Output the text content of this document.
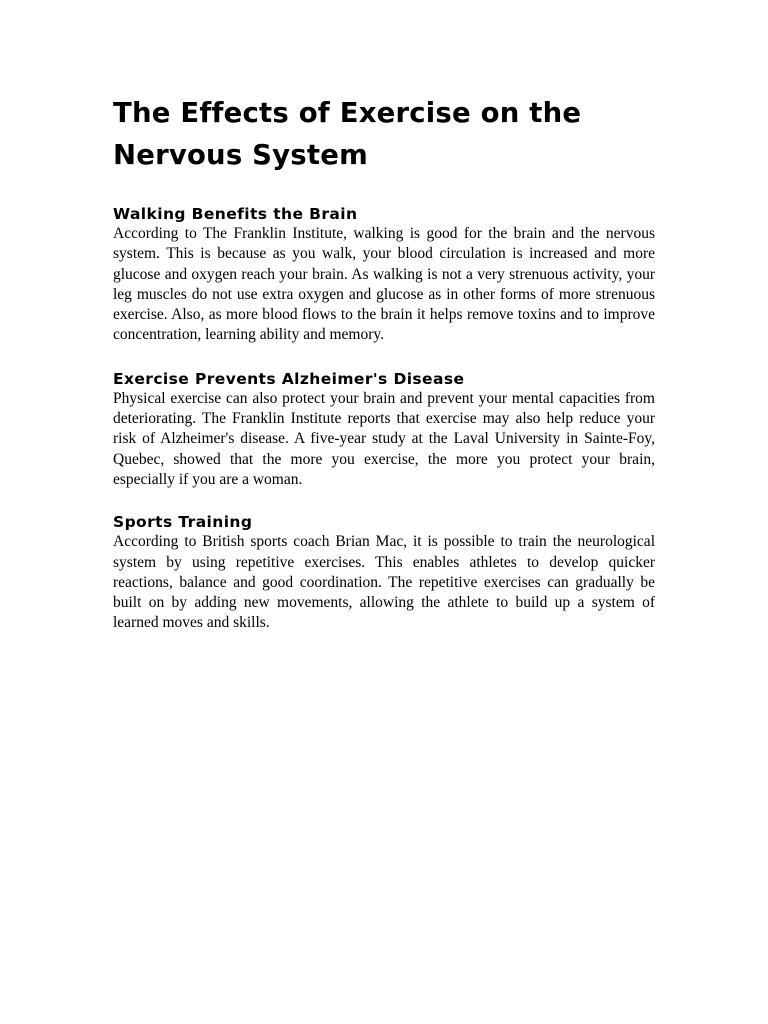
The Effects of Exercise on the Nervous System
Walking Benefits the Brain

According to The Franklin Institute, walking is good for the brain and the nervous system. This is because as you walk, your blood circulation is increased and more glucose and oxygen reach your brain. As walking is not a very strenuous activity, your leg muscles do not use extra oxygen and glucose as in other forms of more strenuous exercise. Also, as more blood flows to the brain it helps remove toxins and to improve concentration, learning ability and memory.

Exercise Prevents Alzheimer's Disease

Physical exercise can also protect your brain and prevent your mental capacities from deteriorating. The Franklin Institute reports that exercise may also help reduce your risk of Alzheimer's disease. A five-year study at the Laval University in Sainte-Foy, Quebec, showed that the more you exercise, the more you protect your brain, especially if you are a woman.

Sports Training

According to British sports coach Brian Mac, it is possible to train the neurological system by using repetitive exercises. This enables athletes to develop quicker reactions, balance and good coordination. The repetitive exercises can gradually be built on by adding new movements, allowing the athlete to build up a system of learned moves and skills.
